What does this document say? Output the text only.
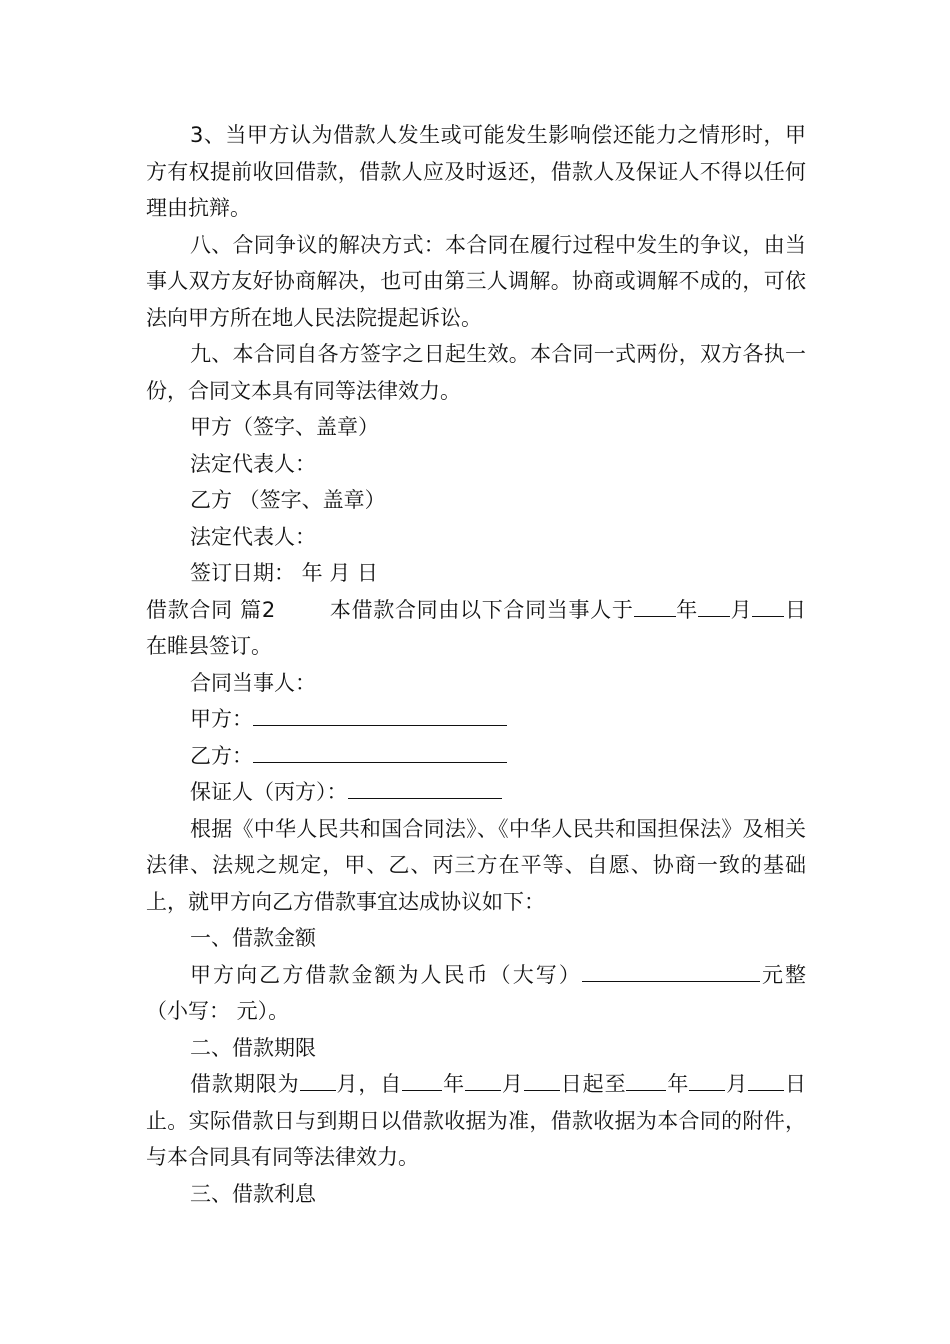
3、当甲方认为借款人发生或可能发生影响偿还能力之情形时，甲方有权提前收回借款，借款人应及时返还，借款人及保证人不得以任何理由抗辩。

八、合同争议的解决方式：本合同在履行过程中发生的争议，由当事人双方友好协商解决，也可由第三人调解。协商或调解不成的，可依法向甲方所在地人民法院提起诉讼。

九、本合同自各方签字之日起生效。本合同一式两份，双方各执一份，合同文本具有同等法律效力。

甲方（签字、盖章）

法定代表人：

乙方 （签字、盖章）

法定代表人：

签订日期： 年 月 日

借款合同 篇2	本借款合同由以下合同当事人于 年 月 日在睢县签订。

合同当事人：

甲方：

乙方：

保证人（丙方）：

根据《中华人民共和国合同法》、《中华人民共和国担保法》及相关法律、法规之规定，甲、乙、丙三方在平等、自愿、协商一致的基础上，就甲方向乙方借款事宜达成协议如下：

一、借款金额

甲方向乙方借款金额为人民币（大写）	元整（小写： 元）。

二、借款期限

借款期限为 月，自 年 月 日起至 年 月 日止。实际借款日与到期日以借款收据为准，借款收据为本合同的附件，与本合同具有同等法律效力。

三、借款利息
